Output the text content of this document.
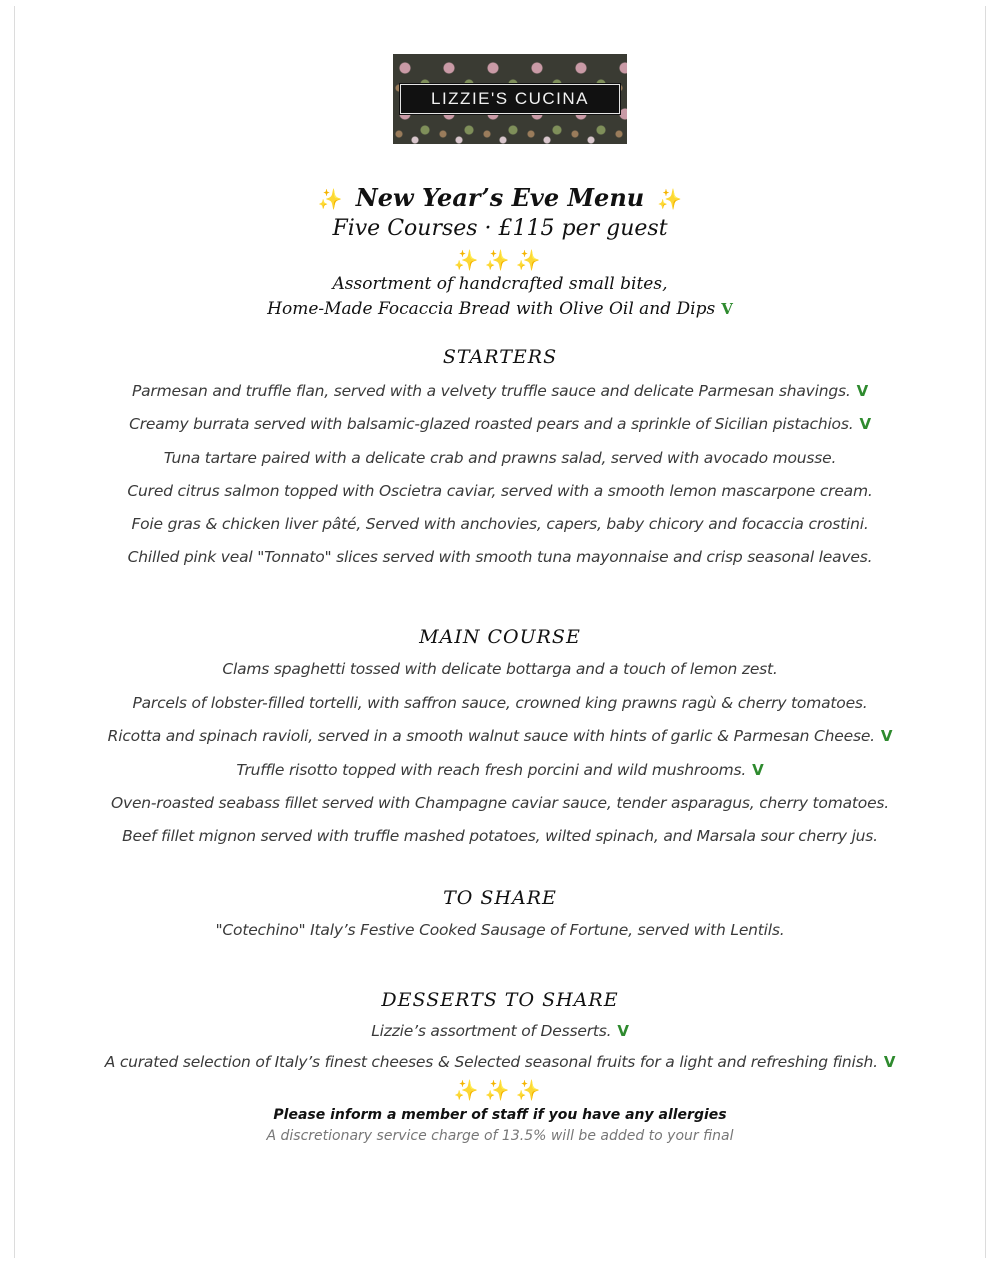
LIZZIE'S CUCINA
✨ New Year’s Eve Menu ✨
Five Courses · £115 per guest
✨✨✨
Assortment of handcrafted small bites,
Home-Made Focaccia Bread with Olive Oil and Dips V
STARTERS
Parmesan and truffle flan, served with a velvety truffle sauce and delicate Parmesan shavings. V
Creamy burrata served with balsamic-glazed roasted pears and a sprinkle of Sicilian pistachios. V
Tuna tartare paired with a delicate crab and prawns salad, served with avocado mousse.
Cured citrus salmon topped with Oscietra caviar, served with a smooth lemon mascarpone cream.
Foie gras & chicken liver pâté, Served with anchovies, capers, baby chicory and focaccia crostini.
Chilled pink veal "Tonnato" slices served with smooth tuna mayonnaise and crisp seasonal leaves.
MAIN COURSE
Clams spaghetti tossed with delicate bottarga and a touch of lemon zest.
Parcels of lobster-filled tortelli, with saffron sauce, crowned king prawns ragù & cherry tomatoes.
Ricotta and spinach ravioli, served in a smooth walnut sauce with hints of garlic & Parmesan Cheese. V
Truffle risotto topped with reach fresh porcini and wild mushrooms. V
Oven-roasted seabass fillet served with Champagne caviar sauce, tender asparagus, cherry tomatoes.
Beef fillet mignon served with truffle mashed potatoes, wilted spinach, and Marsala sour cherry jus.
TO SHARE
"Cotechino" Italy’s Festive Cooked Sausage of Fortune, served with Lentils.
DESSERTS TO SHARE
Lizzie’s assortment of Desserts. V
A curated selection of Italy’s finest cheeses & Selected seasonal fruits for a light and refreshing finish. V
✨✨✨
Please inform a member of staff if you have any allergies
A discretionary service charge of 13.5% will be added to your final
